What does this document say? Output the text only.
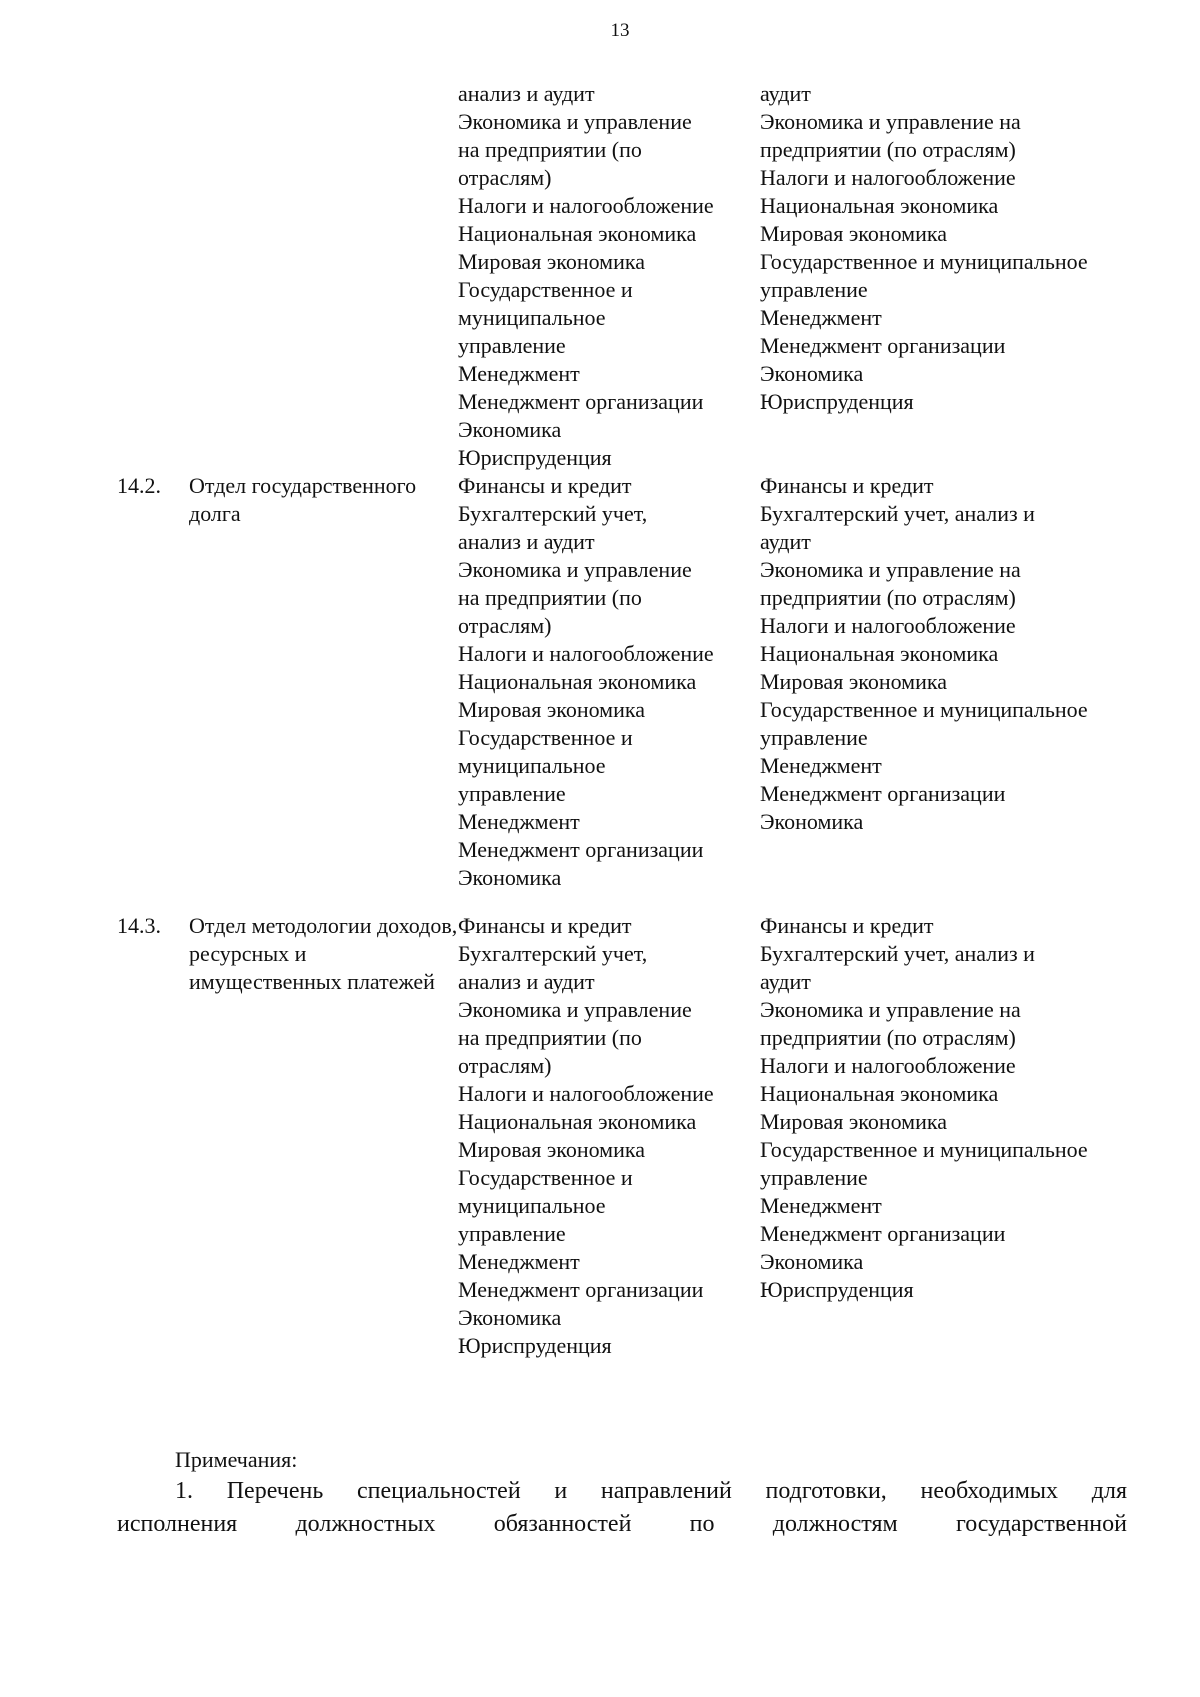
13
анализ и аудит
Экономика и управление
на предприятии (по
отраслям)
Налоги и налогообложение
Национальная экономика
Мировая экономика
Государственное и
муниципальное
управление
Менеджмент
Менеджмент организации
Экономика
Юриспруденция
аудит
Экономика и управление на
предприятии (по отраслям)
Налоги и налогообложение
Национальная экономика
Мировая экономика
Государственное и муниципальное
управление
Менеджмент
Менеджмент организации
Экономика
Юриспруденция
14.2.	Отдел государственного долга
Финансы и кредит
Бухгалтерский учет,
анализ и аудит
Экономика и управление
на предприятии (по
отраслям)
Налоги и налогообложение
Национальная экономика
Мировая экономика
Государственное и
муниципальное
управление
Менеджмент
Менеджмент организации
Экономика
Финансы и кредит
Бухгалтерский учет, анализ и
аудит
Экономика и управление на
предприятии (по отраслям)
Налоги и налогообложение
Национальная экономика
Мировая экономика
Государственное и муниципальное
управление
Менеджмент
Менеджмент организации
Экономика
14.3.	Отдел методологии доходов, ресурсных и имущественных платежей
Финансы и кредит
Бухгалтерский учет,
анализ и аудит
Экономика и управление
на предприятии (по
отраслям)
Налоги и налогообложение
Национальная экономика
Мировая экономика
Государственное и
муниципальное
управление
Менеджмент
Менеджмент организации
Экономика
Юриспруденция
Финансы и кредит
Бухгалтерский учет, анализ и
аудит
Экономика и управление на
предприятии (по отраслям)
Налоги и налогообложение
Национальная экономика
Мировая экономика
Государственное и муниципальное
управление
Менеджмент
Менеджмент организации
Экономика
Юриспруденция
Примечания:
1. Перечень специальностей и направлений подготовки, необходимых для
исполнения должностных обязанностей по должностям государственной
